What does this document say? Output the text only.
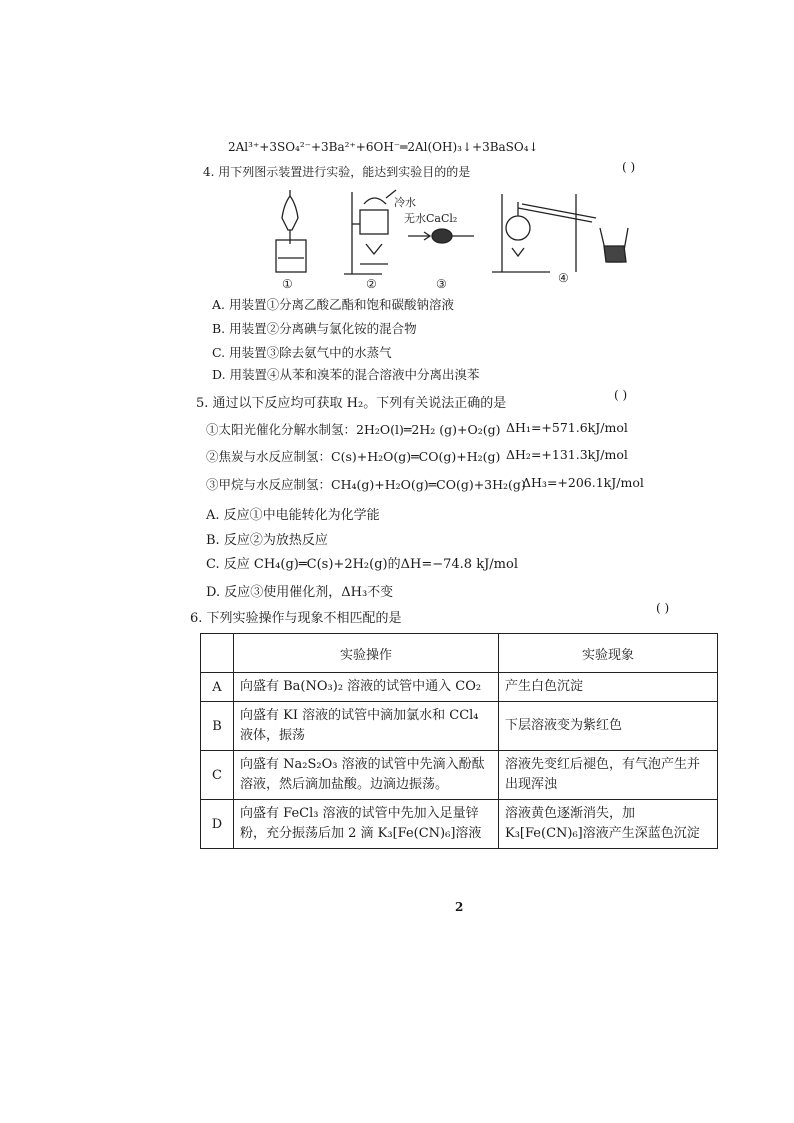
2Al³⁺+3SO₄²⁻+3Ba²⁺+6OH⁻═2Al(OH)₃↓+3BaSO₄↓
4. 用下列图示装置进行实验，能达到实验目的的是	( )
冷水
无水CaCl₂
①	②	③	④
A. 用装置①分离乙酸乙酯和饱和碳酸钠溶液
B. 用装置②分离碘与氯化铵的混合物
C. 用装置③除去氨气中的水蒸气
D. 用装置④从苯和溴苯的混合溶液中分离出溴苯
5. 通过以下反应均可获取 H₂。下列有关说法正确的是
( )
①太阳光催化分解水制氢：2H₂O(l)═2H₂ (g)+O₂(g) ΔH₁=+571.6kJ/mol
②焦炭与水反应制氢：C(s)+H₂O(g)═CO(g)+H₂(g) ΔH₂=+131.3kJ/mol
③甲烷与水反应制氢：CH₄(g)+H₂O(g)═CO(g)+3H₂(g)
ΔH₃=+206.1kJ/mol
A. 反应①中电能转化为化学能
B. 反应②为放热反应
C. 反应 CH₄(g)═C(s)+2H₂(g)的ΔH=−74.8 kJ/mol
D. 反应③使用催化剂，ΔH₃不变
6. 下列实验操作与现象不相匹配的是
( )
	实验操作	实验现象
A	向盛有 Ba(NO₃)₂ 溶液的试管中通入 CO₂	产生白色沉淀
B	向盛有 KI 溶液的试管中滴加氯水和 CCl₄ 液体，振荡	下层溶液变为紫红色
C	向盛有 Na₂S₂O₃ 溶液的试管中先滴入酚酞溶液，然后滴加盐酸。边滴边振荡。	溶液先变红后褪色，有气泡产生并出现浑浊
D	向盛有 FeCl₃ 溶液的试管中先加入足量锌粉，充分振荡后加 2 滴 K₃[Fe(CN)₆]溶液	溶液黄色逐渐消失，加 K₃[Fe(CN)₆]溶液产生深蓝色沉淀
2
